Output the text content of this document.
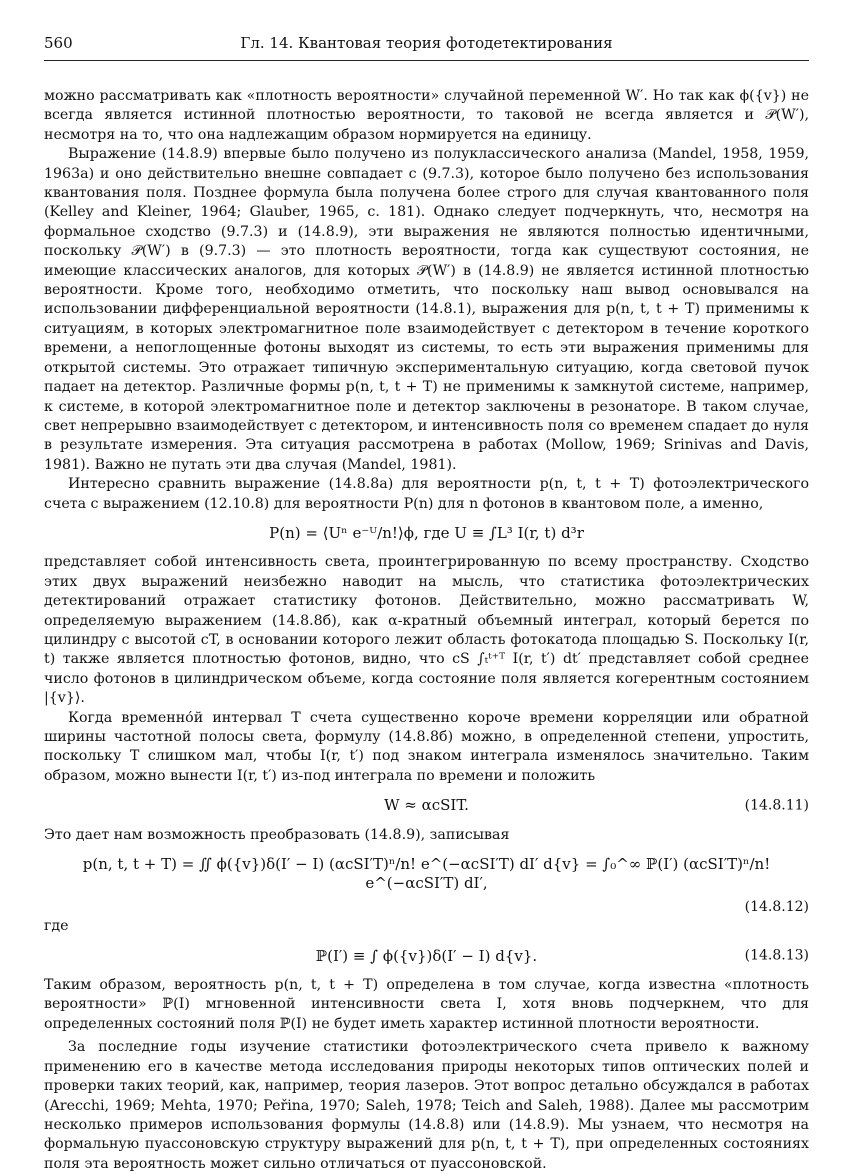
560	Гл. 14. Квантовая теория фотодетектирования

можно рассматривать как «плотность вероятности» случайной переменной W′. Но так как ϕ({v}) не всегда является истинной плотностью вероятности, то таковой не всегда является и 𝒫(W′), несмотря на то, что она надлежащим образом нормируется на единицу.

Выражение (14.8.9) впервые было получено из полуклассического анализа (Mandel, 1958, 1959, 1963a) и оно действительно внешне совпадает с (9.7.3), которое было получено без использования квантования поля. Позднее формула была получена более строго для случая квантованного поля (Kelley and Kleiner, 1964; Glauber, 1965, c. 181). Однако следует подчеркнуть, что, несмотря на формальное сходство (9.7.3) и (14.8.9), эти выражения не являются полностью идентичными, поскольку 𝒫(W′) в (9.7.3) — это плотность вероятности, тогда как существуют состояния, не имеющие классических аналогов, для которых 𝒫(W′) в (14.8.9) не является истинной плотностью вероятности. Кроме того, необходимо отметить, что поскольку наш вывод основывался на использовании дифференциальной вероятности (14.8.1), выражения для p(n, t, t + T) применимы к ситуациям, в которых электромагнитное поле взаимодействует с детектором в течение короткого времени, а непоглощенные фотоны выходят из системы, то есть эти выражения применимы для открытой системы. Это отражает типичную экспериментальную ситуацию, когда световой пучок падает на детектор. Различные формы p(n, t, t + T) не применимы к замкнутой системе, например, к системе, в которой электромагнитное поле и детектор заключены в резонаторе. В таком случае, свет непрерывно взаимодействует с детектором, и интенсивность поля со временем спадает до нуля в результате измерения. Эта ситуация рассмотрена в работах (Mollow, 1969; Srinivas and Davis, 1981). Важно не путать эти два случая (Mandel, 1981).

Интересно сравнить выражение (14.8.8а) для вероятности p(n, t, t + T) фотоэлектрического счета с выражением (12.10.8) для вероятности P(n) для n фотонов в квантовом поле, а именно,

P(n) = ⟨Uⁿ e⁻ᵁ/n!⟩ϕ, где U ≡ ∫L³ I(r, t) d³r

представляет собой интенсивность света, проинтегрированную по всему пространству. Сходство этих двух выражений неизбежно наводит на мысль, что статистика фотоэлектрических детектирований отражает статистику фотонов. Действительно, можно рассматривать W, определяемую выражением (14.8.8б), как α-кратный объемный интеграл, который берется по цилиндру с высотой cT, в основании которого лежит область фотокатода площадью S. Поскольку I(r, t) также является плотностью фотонов, видно, что cS ∫ₜᵗ⁺ᵀ I(r, t′) dt′ представляет собой среднее число фотонов в цилиндрическом объеме, когда состояние поля является когерентным состоянием |{v}⟩.

Когда временно́й интервал T счета существенно короче времени корреляции или обратной ширины частотной полосы света, формулу (14.8.8б) можно, в определенной степени, упростить, поскольку T слишком мал, чтобы I(r, t′) под знаком интеграла изменялось значительно. Таким образом, можно вынести I(r, t′) из-под интеграла по времени и положить

W ≈ αcSIT.	(14.8.11)

Это дает нам возможность преобразовать (14.8.9), записывая

p(n, t, t + T) = ∬ ϕ({v})δ(I′ − I) (αcSI′T)ⁿ/n! e^(−αcSI′T) dI′ d{v} = ∫₀^∞ ℙ(I′) (αcSI′T)ⁿ/n! e^(−αcSI′T) dI′,
(14.8.12)

где

ℙ(I′) ≡ ∫ ϕ({v})δ(I′ − I) d{v}.	(14.8.13)

Таким образом, вероятность p(n, t, t + T) определена в том случае, когда известна «плотность вероятности» ℙ(I) мгновенной интенсивности света I, хотя вновь подчеркнем, что для определенных состояний поля ℙ(I) не будет иметь характер истинной плотности вероятности.

За последние годы изучение статистики фотоэлектрического счета привело к важному применению его в качестве метода исследования природы некоторых типов оптических полей и проверки таких теорий, как, например, теория лазеров. Этот вопрос детально обсуждался в работах (Arecchi, 1969; Mehta, 1970; Peřina, 1970; Saleh, 1978; Teich and Saleh, 1988). Далее мы рассмотрим несколько примеров использования формулы (14.8.8) или (14.8.9). Мы узнаем, что несмотря на формальную пуассоновскую структуру выражений для p(n, t, t + T), при определенных состояниях поля эта вероятность может сильно отличаться от пуассоновской.
